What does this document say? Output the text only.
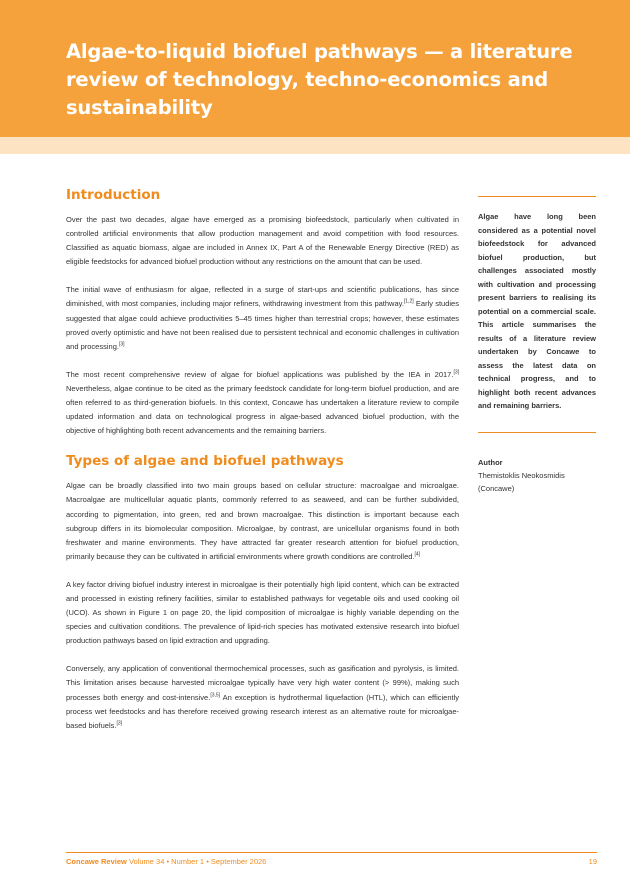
Algae-to-liquid biofuel pathways — a literature review of technology, techno-economics and sustainability
Introduction

Over the past two decades, algae have emerged as a promising biofeedstock, particularly when cultivated in controlled artificial environments that allow production management and avoid competition with food resources. Classified as aquatic biomass, algae are included in Annex IX, Part A of the Renewable Energy Directive (RED) as eligible feedstocks for advanced biofuel production without any restrictions on the amount that can be used.

The initial wave of enthusiasm for algae, reflected in a surge of start-ups and scientific publications, has since diminished, with most companies, including major refiners, withdrawing investment from this pathway.[1,2] Early studies suggested that algae could achieve productivities 5–45 times higher than terrestrial crops; however, these estimates proved overly optimistic and have not been realised due to persistent technical and economic challenges in cultivation and processing.[3]

The most recent comprehensive review of algae for biofuel applications was published by the IEA in 2017.[3] Nevertheless, algae continue to be cited as the primary feedstock candidate for long-term biofuel production, and are often referred to as third-generation biofuels. In this context, Concawe has undertaken a literature review to compile updated information and data on technological progress in algae-based advanced biofuel production, with the objective of highlighting both recent advancements and the remaining barriers.

Types of algae and biofuel pathways

Algae can be broadly classified into two main groups based on cellular structure: macroalgae and microalgae. Macroalgae are multicellular aquatic plants, commonly referred to as seaweed, and can be further subdivided, according to pigmentation, into green, red and brown macroalgae. This distinction is important because each subgroup differs in its biomolecular composition. Microalgae, by contrast, are unicellular organisms found in both freshwater and marine environments. They have attracted far greater research attention for biofuel production, primarily because they can be cultivated in artificial environments where growth conditions are controlled.[4]

A key factor driving biofuel industry interest in microalgae is their potentially high lipid content, which can be extracted and processed in existing refinery facilities, similar to established pathways for vegetable oils and used cooking oil (UCO). As shown in Figure 1 on page 20, the lipid composition of microalgae is highly variable depending on the species and cultivation conditions. The prevalence of lipid-rich species has motivated extensive research into biofuel production pathways based on lipid extraction and upgrading.

Conversely, any application of conventional thermochemical processes, such as gasification and pyrolysis, is limited. This limitation arises because harvested microalgae typically have very high water content (> 99%), making such processes both energy and cost-intensive.[3,5] An exception is hydrothermal liquefaction (HTL), which can efficiently process wet feedstocks and has therefore received growing research interest as an alternative route for microalgae-based biofuels.[3]

Algae have long been considered as a potential novel biofeedstock for advanced biofuel production, but challenges associated mostly with cultivation and processing present barriers to realising its potential on a commercial scale. This article summarises the results of a literature review undertaken by Concawe to assess the latest data on technical progress, and to highlight both recent advances and remaining barriers.

Author

Themistoklis Neokosmidis

(Concawe)

Concawe Review Volume 34 • Number 1 • September 2026	19
